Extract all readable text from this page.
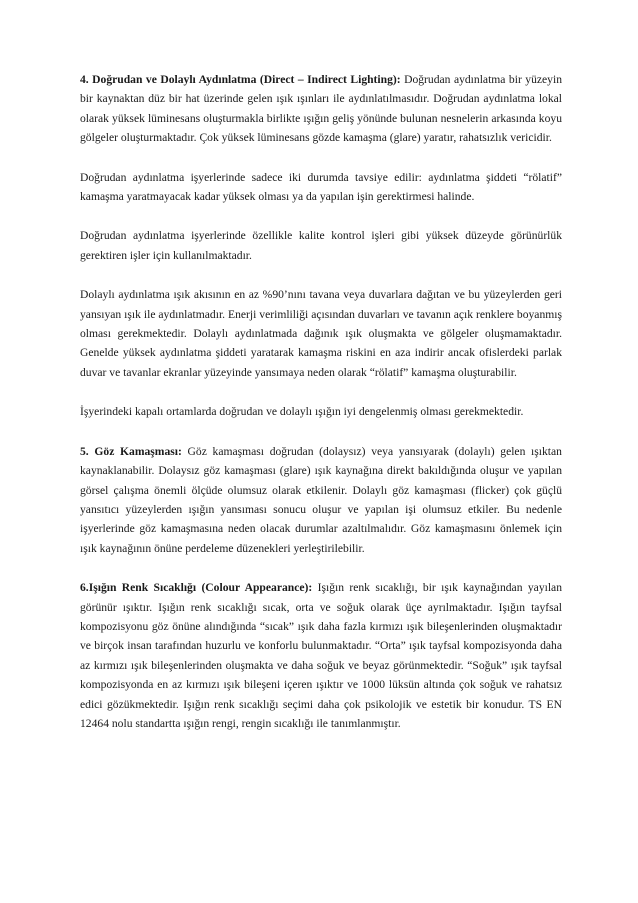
4. Doğrudan ve Dolaylı Aydınlatma (Direct – Indirect Lighting): Doğrudan aydınlatma bir yüzeyin bir kaynaktan düz bir hat üzerinde gelen ışık ışınları ile aydınlatılmasıdır. Doğrudan aydınlatma lokal olarak yüksek lüminesans oluşturmakla birlikte ışığın geliş yönünde bulunan nesnelerin arkasında koyu gölgeler oluşturmaktadır. Çok yüksek lüminesans gözde kamaşma (glare) yaratır, rahatsızlık vericidir.

Doğrudan aydınlatma işyerlerinde sadece iki durumda tavsiye edilir: aydınlatma şiddeti “rölatif” kamaşma yaratmayacak kadar yüksek olması ya da yapılan işin gerektirmesi halinde.

Doğrudan aydınlatma işyerlerinde özellikle kalite kontrol işleri gibi yüksek düzeyde görünürlük gerektiren işler için kullanılmaktadır.

Dolaylı aydınlatma ışık akısının en az %90’nını tavana veya duvarlara dağıtan ve bu yüzeylerden geri yansıyan ışık ile aydınlatmadır. Enerji verimliliği açısından duvarları ve tavanın açık renklere boyanmış olması gerekmektedir. Dolaylı aydınlatmada dağınık ışık oluşmakta ve gölgeler oluşmamaktadır. Genelde yüksek aydınlatma şiddeti yaratarak kamaşma riskini en aza indirir ancak ofislerdeki parlak duvar ve tavanlar ekranlar yüzeyinde yansımaya neden olarak “rölatif” kamaşma oluşturabilir.

İşyerindeki kapalı ortamlarda doğrudan ve dolaylı ışığın iyi dengelenmiş olması gerekmektedir.

5. Göz Kamaşması: Göz kamaşması doğrudan (dolaysız) veya yansıyarak (dolaylı) gelen ışıktan kaynaklanabilir. Dolaysız göz kamaşması (glare) ışık kaynağına direkt bakıldığında oluşur ve yapılan görsel çalışma önemli ölçüde olumsuz olarak etkilenir. Dolaylı göz kamaşması (flicker) çok güçlü yansıtıcı yüzeylerden ışığın yansıması sonucu oluşur ve yapılan işi olumsuz etkiler. Bu nedenle işyerlerinde göz kamaşmasına neden olacak durumlar azaltılmalıdır. Göz kamaşmasını önlemek için ışık kaynağının önüne perdeleme düzenekleri yerleştirilebilir.

6.Işığın Renk Sıcaklığı (Colour Appearance): Işığın renk sıcaklığı, bir ışık kaynağından yayılan görünür ışıktır. Işığın renk sıcaklığı sıcak, orta ve soğuk olarak üçe ayrılmaktadır. Işığın tayfsal kompozisyonu göz önüne alındığında “sıcak” ışık daha fazla kırmızı ışık bileşenlerinden oluşmaktadır ve birçok insan tarafından huzurlu ve konforlu bulunmaktadır. “Orta” ışık tayfsal kompozisyonda daha az kırmızı ışık bileşenlerinden oluşmakta ve daha soğuk ve beyaz görünmektedir. “Soğuk” ışık tayfsal kompozisyonda en az kırmızı ışık bileşeni içeren ışıktır ve 1000 lüksün altında çok soğuk ve rahatsız edici gözükmektedir. Işığın renk sıcaklığı seçimi daha çok psikolojik ve estetik bir konudur. TS EN 12464 nolu standartta ışığın rengi, rengin sıcaklığı ile tanımlanmıştır.
